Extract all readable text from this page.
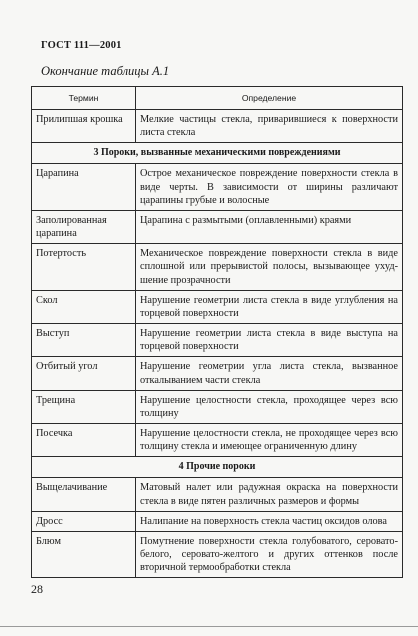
ГОСТ 111—2001
Окончание таблицы А.1
Термин	Определение
Прилипшая крошка	Мелкие частицы стекла, приварившиеся к поверхности листа стекла
3 Пороки, вызванные механическими повреждениями	
Царапина	Острое механическое повреждение поверхности стекла в виде черты. В зависимости от ширины различают царапины грубые и волосные
Заполированная царапина	Царапина с размытыми (оплавленными) краями
Потертость	Механическое повреждение поверхности стекла в виде сплошной или прерывистой полосы, вызывающее ухудшение прозрачности
Скол	Нарушение геометрии листа стекла в виде углубления на торцевой поверхности
Выступ	Нарушение геометрии листа стекла в виде выступа на торцевой поверхности
Отбитый угол	Нарушение геометрии угла листа стекла, вызванное откалыванием части стекла
Трещина	Нарушение целостности стекла, проходящее через всю толщину
Посечка	Нарушение целостности стекла, не проходящее через всю толщину стекла и имеющее ограниченную длину
4 Прочие пороки	
Выщелачивание	Матовый налет или радужная окраска на поверхности стекла в виде пятен различных размеров и формы
Дросс	Налипание на поверхность стекла частиц оксидов олова
Блюм	Помутнение поверхности стекла голубоватого, серовато-белого, серовато-желтого и других оттенков после вторичной термообработки стекла
28
